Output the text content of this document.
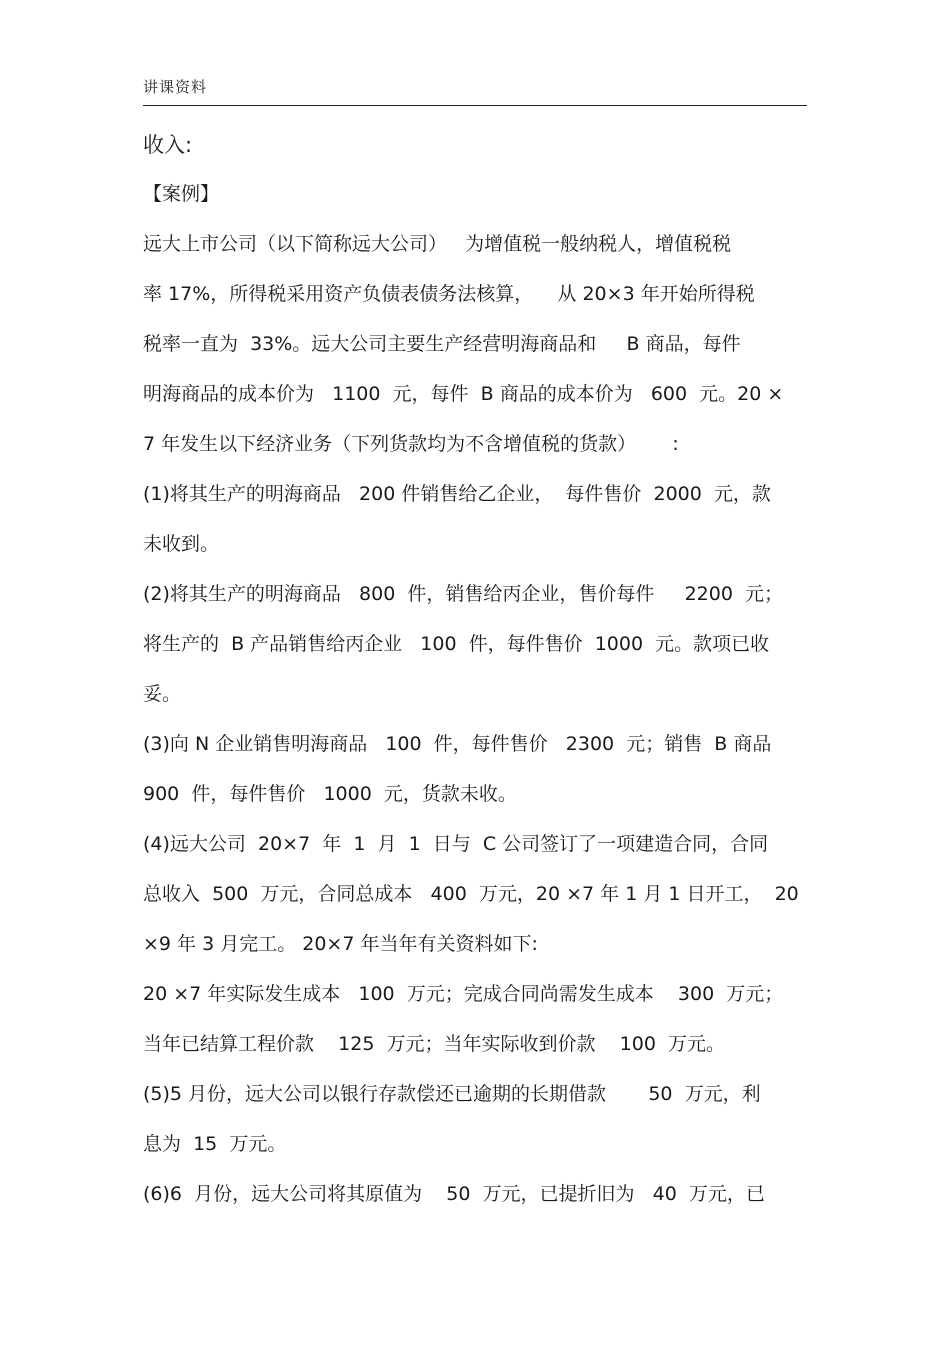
讲课资料
收入:
【案例】
远大上市公司（以下简称远大公司）   为增值税一般纳税人，增值税税
率 17%，所得税采用资产负债表债务法核算，    从 20×3 年开始所得税
税率一直为  33%。远大公司主要生产经营明海商品和     B 商品，每件
明海商品的成本价为   1100  元，每件  B 商品的成本价为   600  元。20 ×
7 年发生以下经济业务（下列货款均为不含增值税的货款）      :
(1)将其生产的明海商品   200 件销售给乙企业，  每件售价  2000  元，款
未收到。
(2)将其生产的明海商品   800  件，销售给丙企业，售价每件     2200  元；
将生产的  B 产品销售给丙企业   100  件，每件售价  1000  元。款项已收
妥。
(3)向 N 企业销售明海商品   100  件，每件售价   2300  元；销售  B 商品
900  件，每件售价   1000  元，货款未收。
(4)远大公司  20×7  年  1  月  1  日与  C 公司签订了一项建造合同，合同
总收入  500  万元，合同总成本   400  万元，20 ×7 年 1 月 1 日开工，  20
×9 年 3 月完工。 20×7 年当年有关资料如下:
20 ×7 年实际发生成本   100  万元；完成合同尚需发生成本    300  万元；
当年已结算工程价款    125  万元；当年实际收到价款    100  万元。
(5)5 月份，远大公司以银行存款偿还已逾期的长期借款       50  万元，利
息为  15  万元。
(6)6  月份，远大公司将其原值为    50  万元，已提折旧为   40  万元，已
